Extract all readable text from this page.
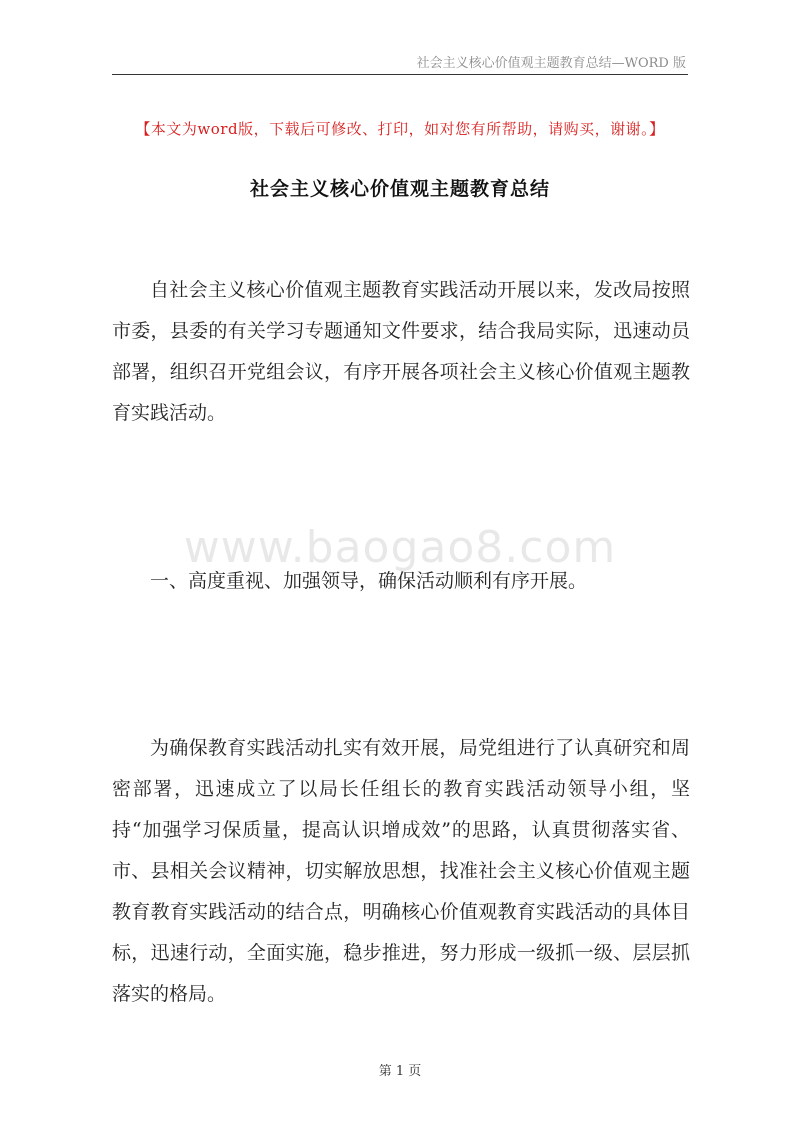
社会主义核心价值观主题教育总结—WORD 版
【本文为word版，下载后可修改、打印，如对您有所帮助，请购买，谢谢。】
社会主义核心价值观主题教育总结

自社会主义核心价值观主题教育实践活动开展以来，发改局按照市委，县委的有关学习专题通知文件要求，结合我局实际，迅速动员部署，组织召开党组会议，有序开展各项社会主义核心价值观主题教育实践活动。

www.baogao8.com

一、高度重视、加强领导，确保活动顺利有序开展。

为确保教育实践活动扎实有效开展，局党组进行了认真研究和周密部署，迅速成立了以局长任组长的教育实践活动领导小组，坚持“加强学习保质量，提高认识增成效”的思路，认真贯彻落实省、市、县相关会议精神，切实解放思想，找准社会主义核心价值观主题教育教育实践活动的结合点，明确核心价值观教育实践活动的具体目标，迅速行动，全面实施，稳步推进，努力形成一级抓一级、层层抓落实的格局。

第 1 页
